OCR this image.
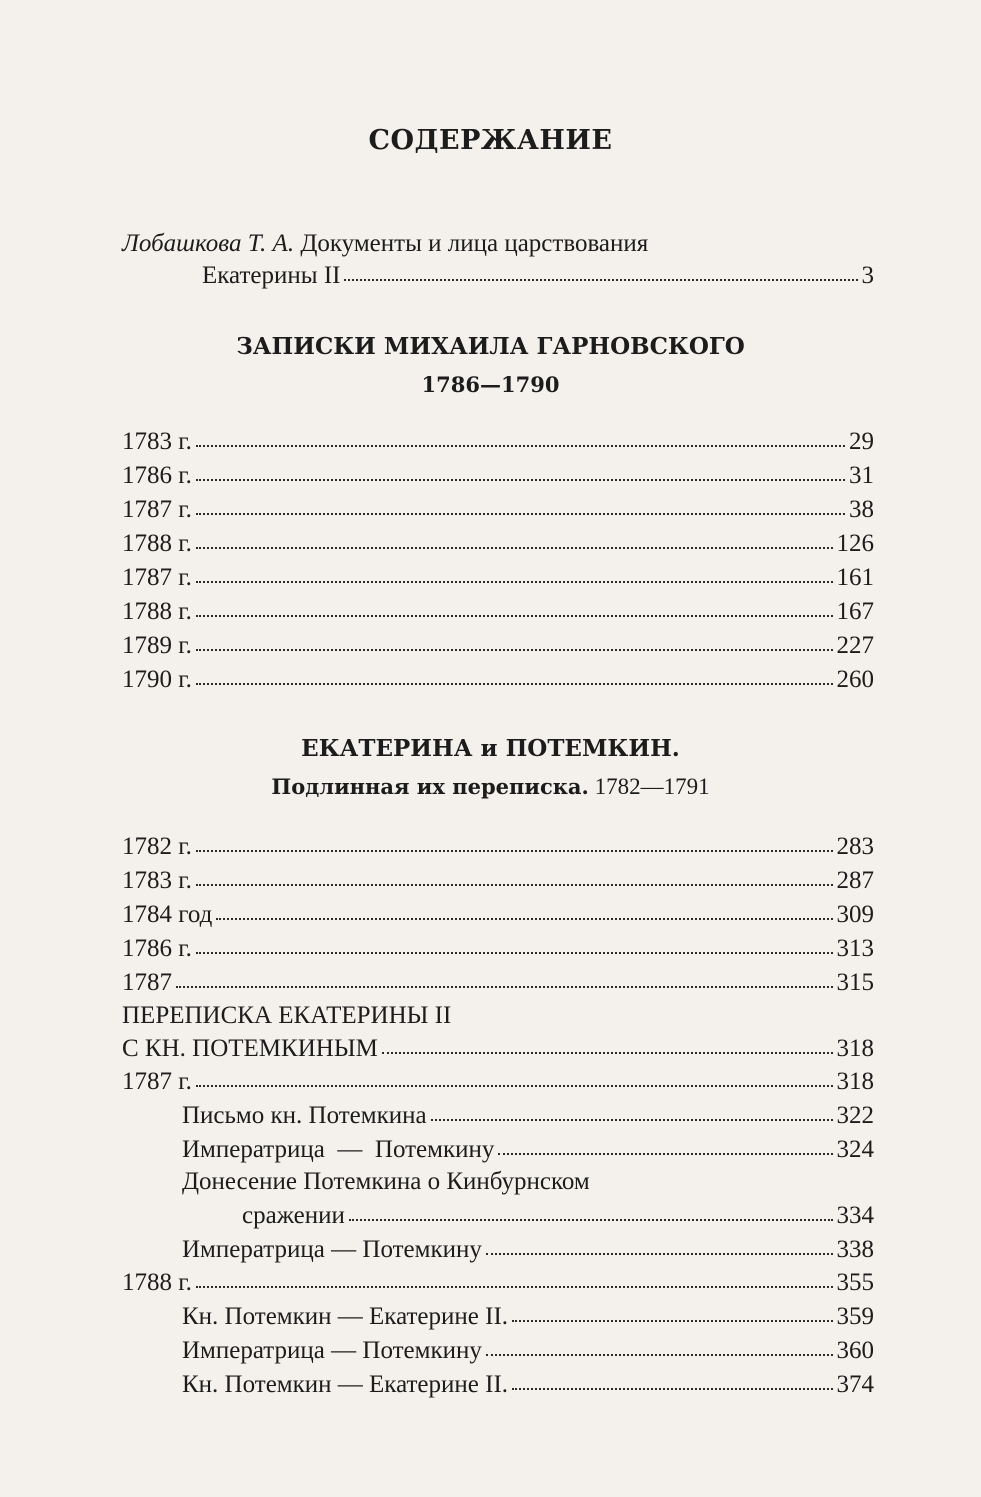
СОДЕРЖАНИЕ
Лобашкова Т. А. Документы и лица царствования
Екатерины II	3
ЗАПИСКИ МИХАИЛА ГАРНОВСКОГО
1786—1790
1783 г.	29
1786 г.	31
1787 г.	38
1788 г.	126
1787 г.	161
1788 г.	167
1789 г.	227
1790 г.	260
ЕКАТЕРИНА и ПОТЕМКИН.
Подлинная их переписка. 1782—1791
1782 г.	283
1783 г.	287
1784 год	309
1786 г.	313
1787	315
ПЕРЕПИСКА ЕКАТЕРИНЫ II
С КН. ПОТЕМКИНЫМ	318
1787 г.	318
Письмо кн. Потемкина	322
Императрица  —  Потемкину	324
Донесение Потемкина о Кинбурнском
сражении	334
Императрица — Потемкину	338
1788 г.	355
Кн. Потемкин — Екатерине II.	359
Императрица — Потемкину	360
Кн. Потемкин — Екатерине II.	374
